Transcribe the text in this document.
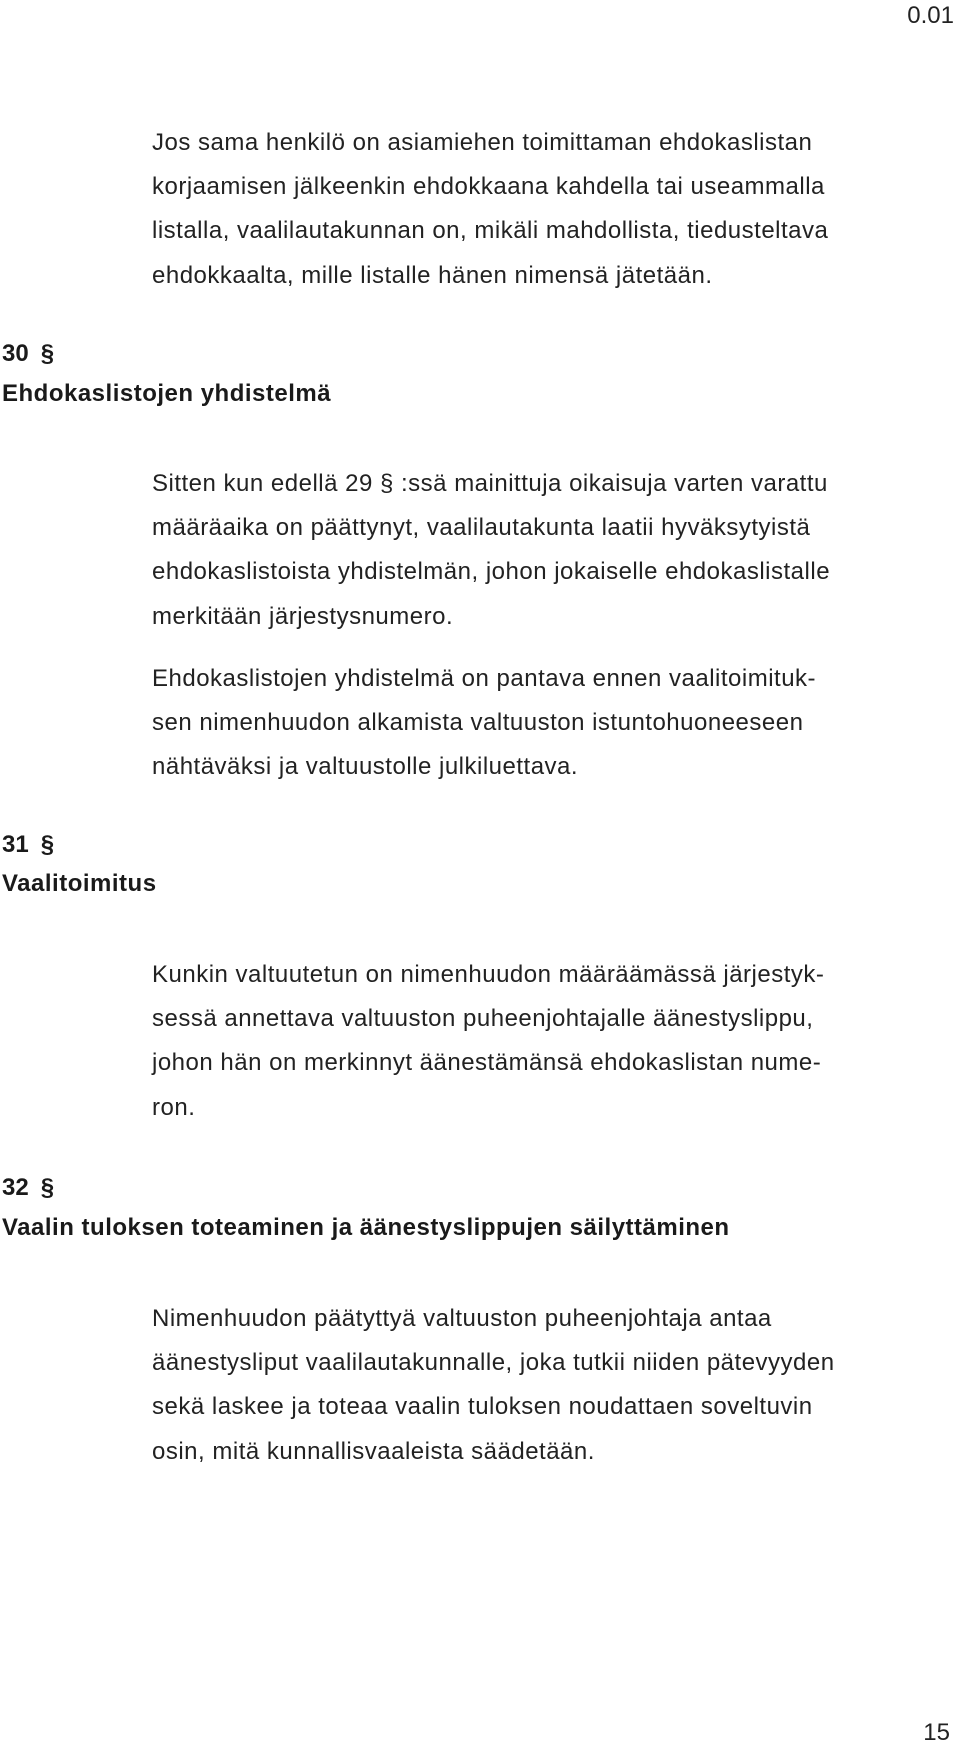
0.01

Jos sama henkilö on asiamiehen toimittaman ehdokaslistan
korjaamisen jälkeenkin ehdokkaana kahdella tai useammalla
listalla, vaalilautakunnan on, mikäli mahdollista, tiedusteltava
ehdokkaalta, mille listalle hänen nimensä jätetään.

30 §
Ehdokaslistojen yhdistelmä

Sitten kun edellä 29 § :ssä mainittuja oikaisuja varten varattu
määräaika on päättynyt, vaalilautakunta laatii hyväksytyistä
ehdokaslistoista yhdistelmän, johon jokaiselle ehdokaslistalle
merkitään järjestysnumero.

Ehdokaslistojen yhdistelmä on pantava ennen vaalitoimituk-
sen nimenhuudon alkamista valtuuston istuntohuoneeseen
nähtäväksi ja valtuustolle julkiluettava.

31 §
Vaalitoimitus

Kunkin valtuutetun on nimenhuudon määräämässä järjestyk-
sessä annettava valtuuston puheenjohtajalle äänestyslippu,
johon hän on merkinnyt äänestämänsä ehdokaslistan nume-
ron.

32 §
Vaalin tuloksen toteaminen ja äänestyslippujen säilyttäminen

Nimenhuudon päätyttyä valtuuston puheenjohtaja antaa
äänestysliput vaalilautakunnalle, joka tutkii niiden pätevyyden
sekä laskee ja toteaa vaalin tuloksen noudattaen soveltuvin
osin, mitä kunnallisvaaleista säädetään.

15
